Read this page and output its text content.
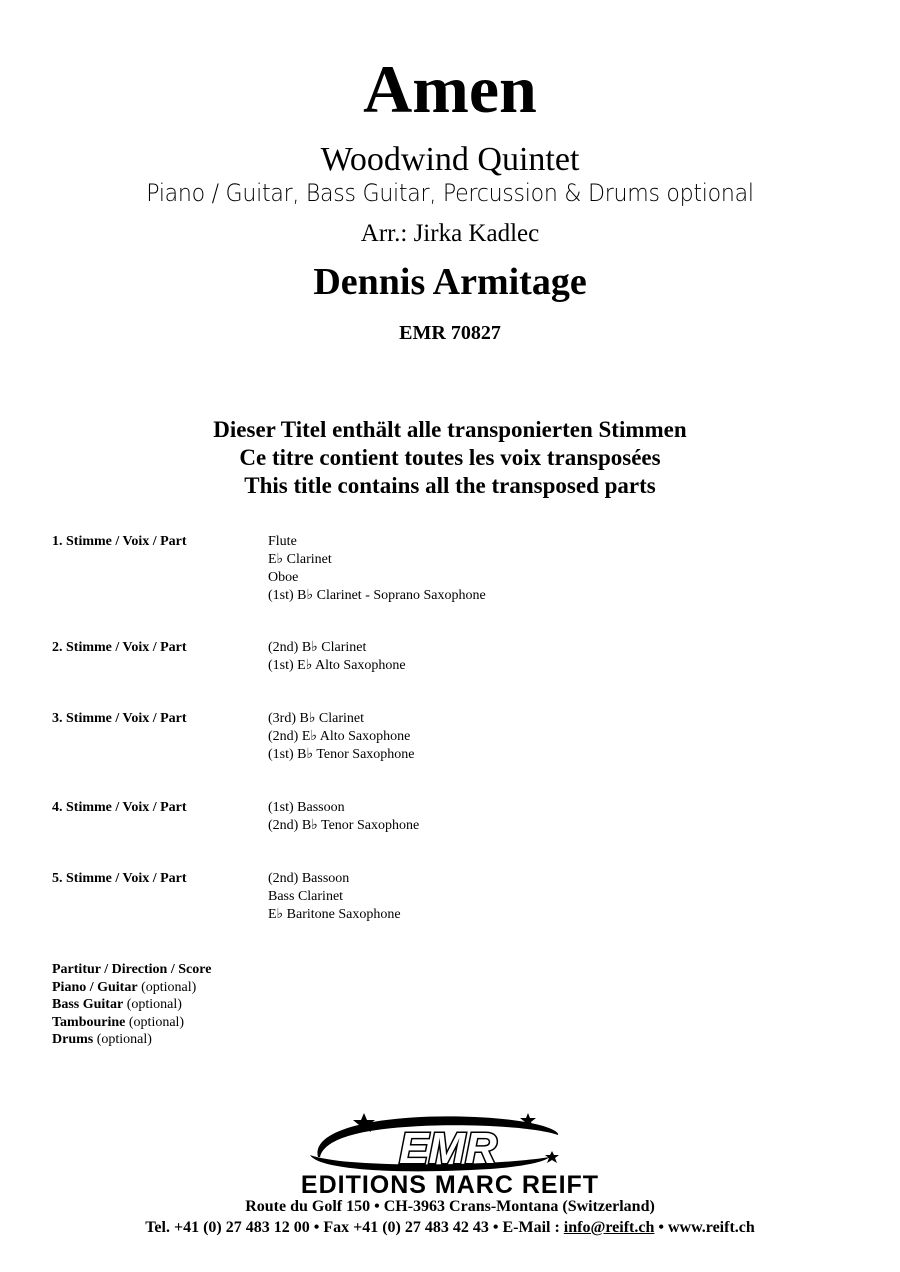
Amen
Woodwind Quintet
Piano / Guitar, Bass Guitar, Percussion & Drums optional
Arr.: Jirka Kadlec
Dennis Armitage
EMR 70827
Dieser Titel enthält alle transponierten Stimmen
Ce titre contient toutes les voix transposées
This title contains all the transposed parts
1. Stimme / Voix / Part	Flute
E♭ Clarinet
Oboe
(1st) B♭ Clarinet - Soprano Saxophone
2. Stimme / Voix / Part	(2nd) B♭ Clarinet
(1st) E♭ Alto Saxophone
3. Stimme / Voix / Part	(3rd) B♭ Clarinet
(2nd) E♭ Alto Saxophone
(1st) B♭ Tenor Saxophone
4. Stimme / Voix / Part	(1st) Bassoon
(2nd) B♭ Tenor Saxophone
5. Stimme / Voix / Part	(2nd) Bassoon
Bass Clarinet
E♭ Baritone Saxophone
Partitur / Direction / Score
Piano / Guitar (optional)
Bass Guitar (optional)
Tambourine (optional)
Drums (optional)
EMR
EDITIONS MARC REIFT
Route du Golf 150 • CH-3963 Crans-Montana (Switzerland)
Tel. +41 (0) 27 483 12 00 • Fax +41 (0) 27 483 42 43 • E-Mail : info@reift.ch • www.reift.ch
